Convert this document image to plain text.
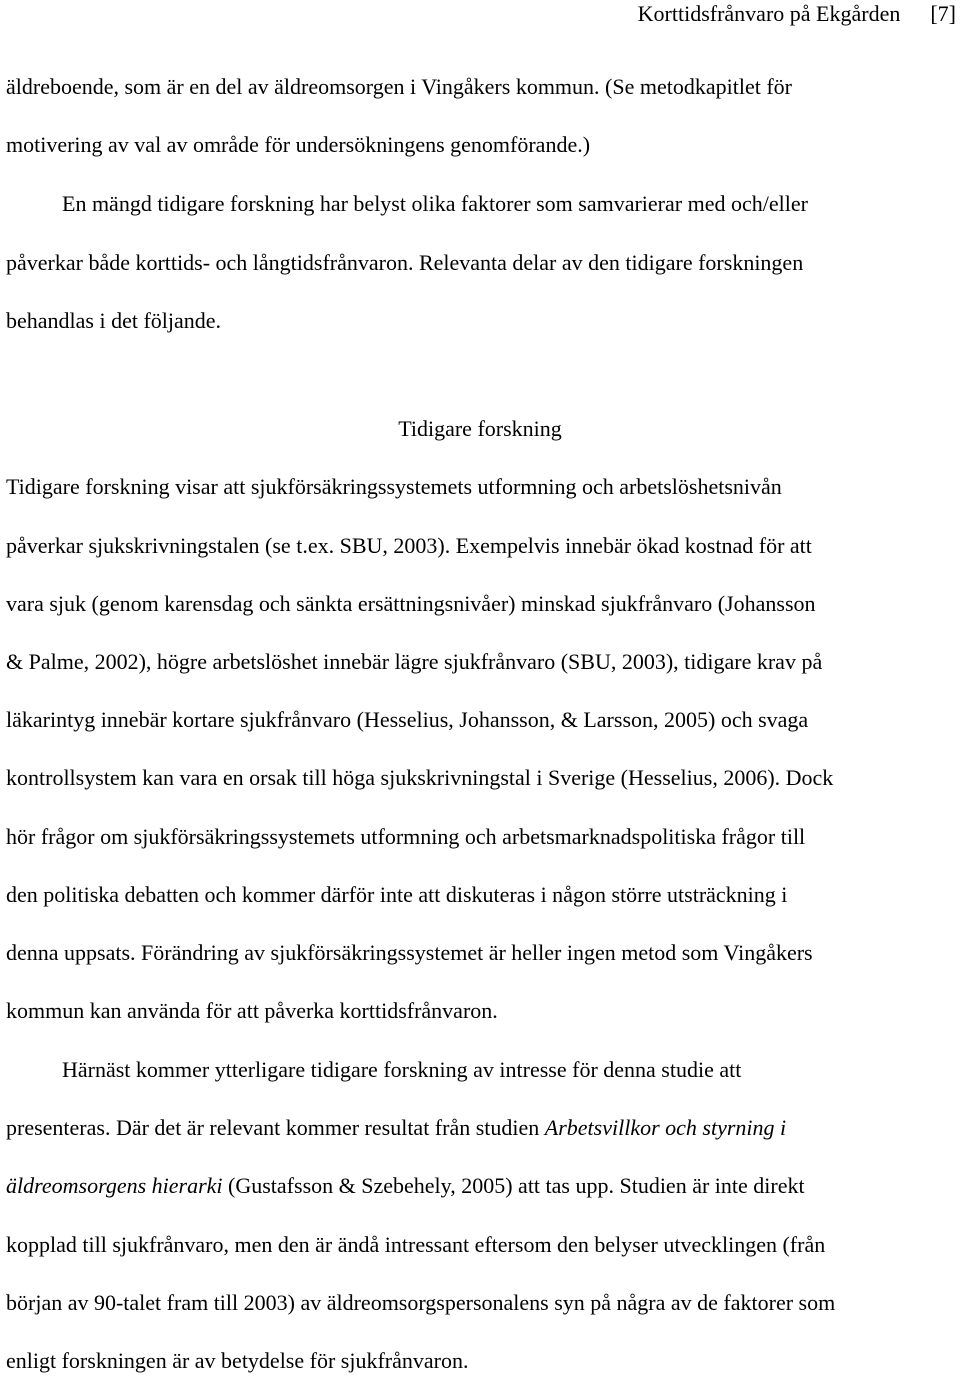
Korttidsfrånvaro på Ekgården [7]
äldreboende, som är en del av äldreomsorgen i Vingåkers kommun. (Se metodkapitlet för
motivering av val av område för undersökningens genomförande.)
En mängd tidigare forskning har belyst olika faktorer som samvarierar med och/eller
påverkar både korttids- och långtidsfrånvaron. Relevanta delar av den tidigare forskningen
behandlas i det följande.
Tidigare forskning
Tidigare forskning visar att sjukförsäkringssystemets utformning och arbetslöshetsnivån
påverkar sjukskrivningstalen (se t.ex. SBU, 2003). Exempelvis innebär ökad kostnad för att
vara sjuk (genom karensdag och sänkta ersättningsnivåer) minskad sjukfrånvaro (Johansson
& Palme, 2002), högre arbetslöshet innebär lägre sjukfrånvaro (SBU, 2003), tidigare krav på
läkarintyg innebär kortare sjukfrånvaro (Hesselius, Johansson, & Larsson, 2005) och svaga
kontrollsystem kan vara en orsak till höga sjukskrivningstal i Sverige (Hesselius, 2006). Dock
hör frågor om sjukförsäkringssystemets utformning och arbetsmarknadspolitiska frågor till
den politiska debatten och kommer därför inte att diskuteras i någon större utsträckning i
denna uppsats. Förändring av sjukförsäkringssystemet är heller ingen metod som Vingåkers
kommun kan använda för att påverka korttidsfrånvaron.
Härnäst kommer ytterligare tidigare forskning av intresse för denna studie att
presenteras. Där det är relevant kommer resultat från studien Arbetsvillkor och styrning i
äldreomsorgens hierarki (Gustafsson & Szebehely, 2005) att tas upp. Studien är inte direkt
kopplad till sjukfrånvaro, men den är ändå intressant eftersom den belyser utvecklingen (från
början av 90-talet fram till 2003) av äldreomsorgspersonalens syn på några av de faktorer som
enligt forskningen är av betydelse för sjukfrånvaron.
